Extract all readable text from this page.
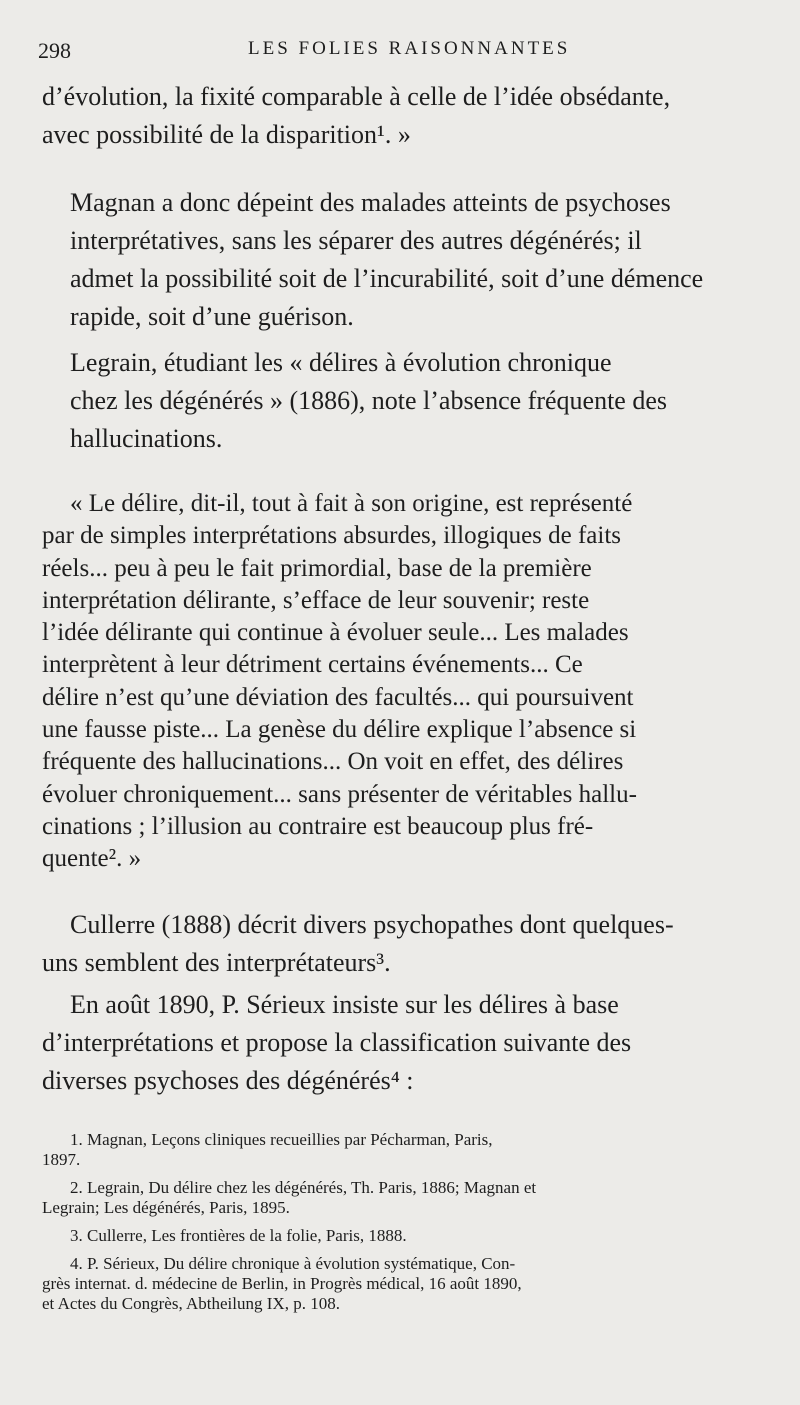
298	LES FOLIES RAISONNANTES

d’évolution, la fixité comparable à celle de l’idée obsédante,
avec possibilité de la disparition¹. »

Magnan a donc dépeint des malades atteints de psychoses
interprétatives, sans les séparer des autres dégénérés; il
admet la possibilité soit de l’incurabilité, soit d’une démence
rapide, soit d’une guérison.

Legrain, étudiant les « délires à évolution chronique
chez les dégénérés » (1886), note l’absence fréquente des
hallucinations.

« Le délire, dit-il, tout à fait à son origine, est représenté
par de simples interprétations absurdes, illogiques de faits
réels... peu à peu le fait primordial, base de la première
interprétation délirante, s’efface de leur souvenir; reste
l’idée délirante qui continue à évoluer seule... Les malades
interprètent à leur détriment certains événements... Ce
délire n’est qu’une déviation des facultés... qui poursuivent
une fausse piste... La genèse du délire explique l’absence si
fréquente des hallucinations... On voit en effet, des délires
évoluer chroniquement... sans présenter de véritables hallu-
cinations ; l’illusion au contraire est beaucoup plus fré-
quente². »

Cullerre (1888) décrit divers psychopathes dont quelques-
uns semblent des interprétateurs³.

En août 1890, P. Sérieux insiste sur les délires à base
d’interprétations et propose la classification suivante des
diverses psychoses des dégénérés⁴ :

1. Magnan, Leçons cliniques recueillies par Pécharman, Paris,
1897.

2. Legrain, Du délire chez les dégénérés, Th. Paris, 1886; Magnan et
Legrain; Les dégénérés, Paris, 1895.

3. Cullerre, Les frontières de la folie, Paris, 1888.

4. P. Sérieux, Du délire chronique à évolution systématique, Con-
grès internat. d. médecine de Berlin, in Progrès médical, 16 août 1890,
et Actes du Congrès, Abtheilung IX, p. 108.
